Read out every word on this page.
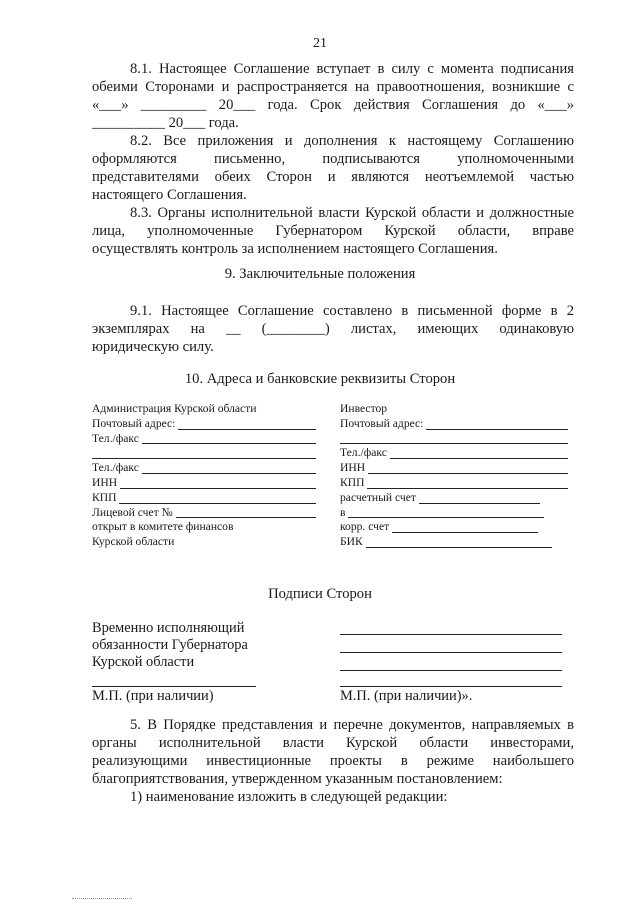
21
8.1. Настоящее Соглашение вступает в силу с момента подписания
обеими Сторонами и распространяется на правоотношения, возникшие с
«___» _________ 20___ года. Срок действия Соглашения до «___»
__________ 20___ года.
8.2. Все приложения и дополнения к настоящему Соглашению
оформляются письменно, подписываются уполномоченными
представителями обеих Сторон и являются неотъемлемой частью
настоящего Соглашения.
8.3. Органы исполнительной власти Курской области и должностные
лица, уполномоченные Губернатором Курской области, вправе
осуществлять контроль за исполнением настоящего Соглашения.
9. Заключительные положения
9.1. Настоящее Соглашение составлено в письменной форме в 2
экземплярах на __ (________) листах, имеющих одинаковую
юридическую силу.
10. Адреса и банковские реквизиты Сторон
Администрация Курской области
Почтовый адрес:
Тел./факс
Тел./факс
ИНН
КПП
Лицевой счет №
открыт в комитете финансов
Курской области
Инвестор
Почтовый адрес:
Тел./факс
ИНН
КПП
расчетный счет
в
корр. счет
БИК
Подписи Сторон
Временно исполняющий
обязанности Губернатора
Курской области
М.П. (при наличии)	М.П. (при наличии)».
5. В Порядке представления и перечне документов, направляемых в
органы исполнительной власти Курской области инвесторами,
реализующими инвестиционные проекты в режиме наибольшего
благоприятствования, утвержденном указанным постановлением:
1) наименование изложить в следующей редакции:
